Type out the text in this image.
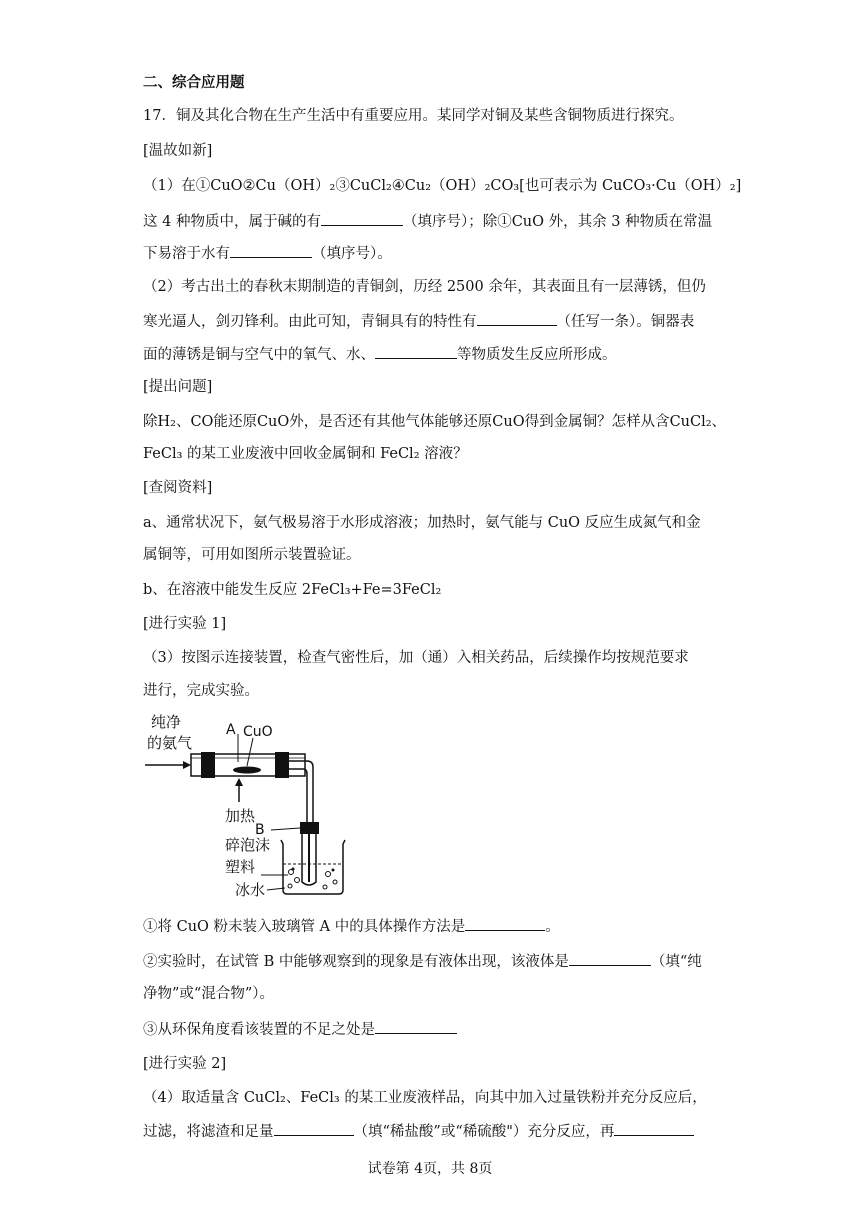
二、综合应用题
17．铜及其化合物在生产生活中有重要应用。某同学对铜及某些含铜物质进行探究。
[温故如新]
（1）在①CuO②Cu（OH）₂③CuCl₂④Cu₂（OH）₂CO₃[也可表示为 CuCO₃·Cu（OH）₂]
这 4 种物质中，属于碱的有	（填序号）；除①CuO 外，其余 3 种物质在常温
下易溶于水有	（填序号）。
（2）考古出土的春秋末期制造的青铜剑，历经 2500 余年，其表面且有一层薄锈，但仍
寒光逼人，剑刃锋利。由此可知，青铜具有的特性有	（任写一条）。铜器表
面的薄锈是铜与空气中的氧气、水、	等物质发生反应所形成。
[提出问题]
除H₂、CO能还原CuO外，是否还有其他气体能够还原CuO得到金属铜？怎样从含CuCl₂、
FeCl₃ 的某工业废液中回收金属铜和 FeCl₂ 溶液？
[查阅资料]
a、通常状况下，氨气极易溶于水形成溶液；加热时，氨气能与 CuO 反应生成氮气和金
属铜等，可用如图所示装置验证。
b、在溶液中能发生反应 2FeCl₃+Fe=3FeCl₂
[进行实验 1]
（3）按图示连接装置，检查气密性后，加（通）入相关药品，后续操作均按规范要求
进行，完成实验。
纯净
的氨气
A CuO
加热
B
碎泡沫
塑料
冰水
①将 CuO 粉末装入玻璃管 A 中的具体操作方法是	。
②实验时，在试管 B 中能够观察到的现象是有液体出现，该液体是	（填“纯
净物”或“混合物”）。
③从环保角度看该装置的不足之处是
[进行实验 2]
（4）取适量含 CuCl₂、FeCl₃ 的某工业废液样品，向其中加入过量铁粉并充分反应后，
过滤，将滤渣和足量	（填“稀盐酸”或“稀硫酸"）充分反应，再
试卷第 4页，共 8页
